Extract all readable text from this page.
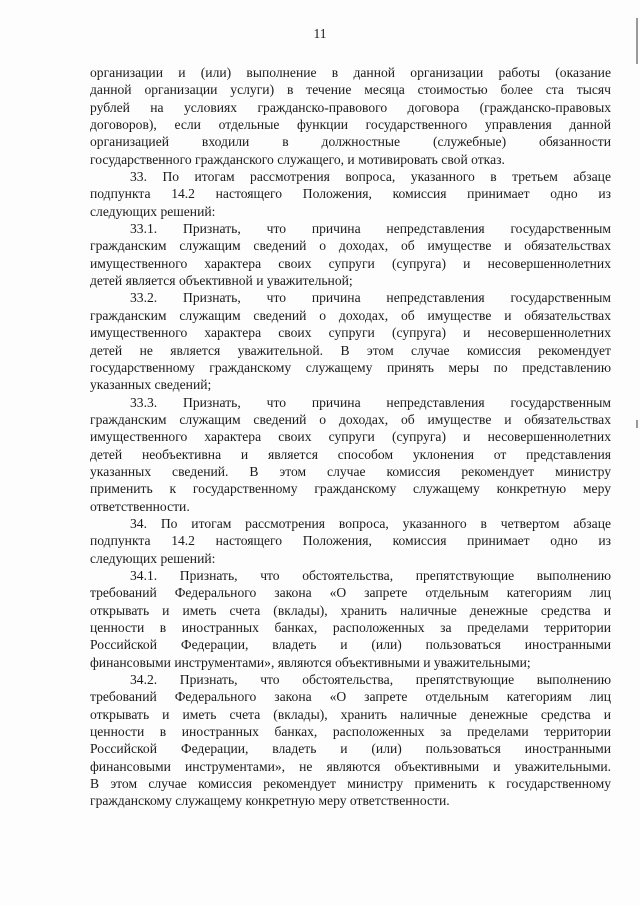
11
организации и (или) выполнение в данной организации работы (оказание
данной организации услуги) в течение месяца стоимостью более ста тысяч
рублей на условиях гражданско-правового договора (гражданско-правовых
договоров), если отдельные функции государственного управления данной
организацией входили в должностные (служебные) обязанности
государственного гражданского служащего, и мотивировать свой отказ.
33. По итогам рассмотрения вопроса, указанного в третьем абзаце
подпункта 14.2 настоящего Положения, комиссия принимает одно из
следующих решений:
33.1. Признать, что причина непредставления государственным
гражданским служащим сведений о доходах, об имуществе и обязательствах
имущественного характера своих супруги (супруга) и несовершеннолетних
детей является объективной и уважительной;
33.2. Признать, что причина непредставления государственным
гражданским служащим сведений о доходах, об имуществе и обязательствах
имущественного характера своих супруги (супруга) и несовершеннолетних
детей не является уважительной. В этом случае комиссия рекомендует
государственному гражданскому служащему принять меры по представлению
указанных сведений;
33.3. Признать, что причина непредставления государственным
гражданским служащим сведений о доходах, об имуществе и обязательствах
имущественного характера своих супруги (супруга) и несовершеннолетних
детей необъективна и является способом уклонения от представления
указанных сведений. В этом случае комиссия рекомендует министру
применить к государственному гражданскому служащему конкретную меру
ответственности.
34. По итогам рассмотрения вопроса, указанного в четвертом абзаце
подпункта 14.2 настоящего Положения, комиссия принимает одно из
следующих решений:
34.1. Признать, что обстоятельства, препятствующие выполнению
требований Федерального закона «О запрете отдельным категориям лиц
открывать и иметь счета (вклады), хранить наличные денежные средства и
ценности в иностранных банках, расположенных за пределами территории
Российской Федерации, владеть и (или) пользоваться иностранными
финансовыми инструментами», являются объективными и уважительными;
34.2. Признать, что обстоятельства, препятствующие выполнению
требований Федерального закона «О запрете отдельным категориям лиц
открывать и иметь счета (вклады), хранить наличные денежные средства и
ценности в иностранных банках, расположенных за пределами территории
Российской Федерации, владеть и (или) пользоваться иностранными
финансовыми инструментами», не являются объективными и уважительными.
В этом случае комиссия рекомендует министру применить к государственному
гражданскому служащему конкретную меру ответственности.
